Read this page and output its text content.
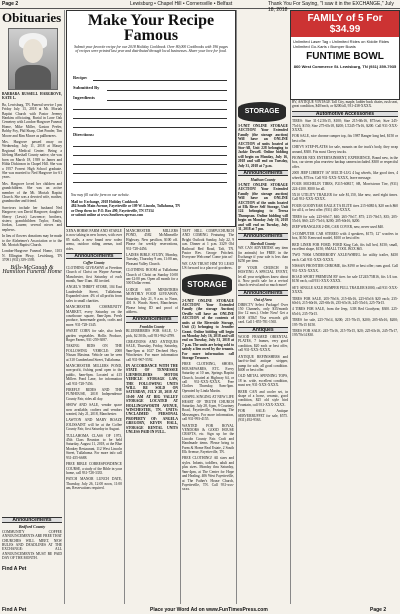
Page 2	Lewisburg • Chapel Hill • Cornersville • Belfast	Thank You For Saying, "I saw it in the EXCHANGE," July 18, 2018
Obituaries

BARBARA RUSSELL HARGROVE, KATE L.

Bo, Lewisburg, TN. Funeral service 1 pm Friday July 13, 2018 at Mt. Moriah Baptist Church with Pastor Jeremy Hankins officiating. Burial in Lone Oak Cemetery with London-Hargrove Funeral Home, Mike Miller, Gaston Peeler, Bobby Foy, Phil Sharp, Chet Ponder, Tim Moore and Rim Moore as pallbearers.

Mrs. Hargrove passed away on Wednesday, July 11, 2018 at Maury Regional Medical Center. Being a lifelong Marshall County native, she was born on March 18, 1939 to James and Hilda Dickinson in Chapel Hill. She was a 1957 Forrest High School graduate. She was married to Ned Hargrove for 61 years.

Mrs. Hargrove loved her children and grandchildren. She was an active member of the Mt. Moriah Baptist Church. She was a devoted wife, mother, grandmother and friend.

Survivors include her husband Ned Hargrove; son David Hargrove; daughter Sherry (Lewis) Lawrence; brothers, sisters; grandchildren Taylor, Emily, Jordan, Lauren; several nieces and nephews.

In lieu of flowers donations may be made to the Alzheimer's Association or to the Mt. Moriah Baptist Church.

London-Hargrove Funeral Home, 1103 N. Ellington Pkwy, Lewisburg, TN 37091 (931) 359-1595.

Bills-McGaugh & Hamilton Funeral Home
Announcements
Bedford County

COMMUNITY COFFEE ANNOUNCEMENTS ARE FREE THAT CHURCHES WILL MEET, NEW RULES AND DEADLINES AT THE EXCHANGE: ALL ANNOUNCEMENTS MUST BE PAID DAY OF THE MONTH.

Find A Pet
Make Your Recipe Famous
Submit your favorite recipe for our 2018 Holiday Cookbook. Over 80,000 Cookbooks with 196 pages of recipes were printed last year and distributed through local businesses. Share your love for food.
Recipe:
Submitted By
Ingredients
Directions:
You may fill out the form on our website.
Mail to: Exchange, 2018 Holiday Cookbook
484 South Main Avenue, Fayetteville or 109 W. Lincoln, Tullahoma, TN
or Drop them to: P.O. Box 490, Fayetteville, TN 37334
or submit online at www.Southern.xpresso.com

XENA HORSE FARM AND STABLE is now taking in new horses, with over 85 stalls, a new brand new rodeo arena, outdoor riding arenas, trail rides.

Announcements
Coffee County

CLOTHING GIVEAWAY at Freedom Church of Christ on Wayne Avenue, Manchester, first Saturday of each month, 9am-11am. All invited.

ANGEL'S THRIFT STORE, 104 East Lauderdale Street, Tullahoma. Expanded store. 4% of all profits from sales to small charities.

MANCHESTER COMMUNITY MARKET, every Saturday on the courthouse square, 8am-2pm. Fresh produce, homemade goods, crafts and more. 931-728-1345.

SWEET CORN for sale, also fresh garden vegetables. Hollis Produce, Roger Farms, 931-259-3087.

TAKING BIDS ON THE FOLLOWING VEHICLE: 2000 Nissan Maxima. Vehicle can be seen at 310 Cumberland Street, Tullahoma.

MANCHESTER MILLERS POND, non-profit, fishing pond open to the public, 6am-6pm. Located at 415 Millers Pond Lane, for information call 931-728-7456.

FIREFLY RIDES AND THE FUNHOUSE, 2018 Independence County Fair, rides all day.

SHOW AND SALE, vendor space now available, crafters and vendors wanted, July 21, 2018, Manchester.

LAWTON AND MARY BOAZE JOLISSAINT will be at the Coffee County Fair, first Saturday in August.

TULLAHOMA CLASS OF 1973, 45th Class Reunion to be held Saturday, August 11, 2018, at the Blue Monkey Restaurant, 112 West Lincoln Street, Tullahoma. For more info call 931-455-6688.

FREE BIBLE CORRESPONDENCE COURSE, a study of the Bible in your home, call 931-728-3335.

PATCH MANOR LUNCH DATE, Thursday, July 26, 12:00 noon, 11:00 am, Reservations required.

MANCHESTER MILLERS POND, 4582 McMinnville Highway. New pavilion, $100 off. Please for weekly reservations, 931-728-4456.

LADIES BIBLE STUDY, Monday, Tuesday, Thursday 9 am, 11:00 am, Pleasant Valley Church.

CLOTHING ROOM at Tullahoma Church of Christ on Sunday 10:00 am-12:00 pm. Open all month for a 500 Dollar event.

LODGE 605 MINISTRIES MONTHLY FOOD GIVEAWAY, Saturday, July 21, 9 a.m. to Noon, 401 S. Woods Street, Manchester. Please bring ID and proof of address.

Announcements
Franklin County

BLUEBERRIES FOR SALE, U-pick, $2.50/lb, call 931-962-4789.

CREATIONS AND ANTIQUES SALE, Thursday, Friday, Saturday, 9am-5pm at 1027 Decherd Hwy. Winchester. For more information call 931-967-5592.

IN ACCORDANCE WITH THE STATE OF TENNESSEE LIENHOLDERS MOTOR VEHICLE STORAGE LAW, THE FOLLOWING UNITS WILL BE SOLD ON SATURDAY, JULY 28, 2018 AT 10:00 AM AT BIG VALLEY STORAGE LOCATED AT HOLLINGSWORTH AVENUE, WINCHESTER, TN. UNITS: UNCLAIMED PERSONAL PROPERTY OF: ANGELA GREGORY, KEVIN HALL, STORAGE RENTAL UNITS UNLESS PAID IN FULL.

TAFT HILL COMPUCHURCH AND COMING Featuring The Bright Outlook Sunday, July 22, 9 a.m. Dinner at 1 p.m. 3329 Old Railroad Bed Road, Taft, TN. Pastor Rev. George Pritchett. Everyone Welcome! Come join us!

WE CAN TRUST HIM TO LEAD US forward to a place of goodness.

STORAGE

2-UNIT ONLINE STORAGE AUCTION! Your Extended Family (the storage Auction) Orville will have an ONLINE AUCTION of the contents of units at the Riverside Storage, Unit (2) belonging to Jennifer Grant. Online bidding will begin on Monday July 16, 2018 and will end on Tuesday, July 31, 2018 at 7 p.m. The units are being sold to satisfy a lien owed by the tenants. For more information call Storage Treasure.

FREE CLOTHING, SHOES, HOUSEWARES, ETC. Every Saturday at 10 am, Springs Baptist Church, located at Highway 64, or call 931-XXX-XXXX. Free Clothes Thursday, 8am-3pm. Operated by Linda Martin.

GOSPEL SINGING AT NEW LIFE HEART OF TRUTH CHURCH Saturday, July 28, 6 pm, 9 Courtney Road, Fayetteville, Featuring The Messengers. For more information, call 931-993-4155.

WANTED FOR ROYAL VENDORS & GOOD HOUSE CRAFTS, etc. Sign up for the Lincoln County Fair. Craft and Handmade items. Please bring to Farm & Home Real Estate, 2 South Elk Avenue, Fayetteville, TN.

FREE CLOTHING! All sizes and styles. Infants, toddlers, adult and plus sizes. Monday thru Saturday, 9am-4pm, at The Center for Hope and Healing. 406 West Fayetteville, at The Father's House Church, Fayetteville, TN. Call 931-xxx-xxxx.

FAMILY of 5 For $34.99
Unlimited Laser Tag • Unlimited Rides on Kiddie Rides
Unlimited Go-Karts • Bumper Boats
FUNTIME BOWL
860 West Commerce St. Lewisburg, TN (931) 359-7935
STORAGE

3-UNIT ONLINE STORAGE AUCTION! Your Extended Family (the storage auction) Will have an ONLINE AUCTION of units located at Stor-All, Unit 228 belonging to Jackie Dowell. Online bidding will begin on Monday, July 16, 2018 and will end on Tuesday, July 31, 2018 at 7 p.m.

Announcements
Madison County

3-UNIT ONLINE STORAGE AUCTION! Your Extended Family (the storage auction) Will have an ONLINE AUCTION of the units located at Elk River Self Storage, Unit 124 belonging to Teresa Thompson. Online bidding will begin on Monday July 16, 2018 and will end on Tuesday, July 31, 2018 at 7 pm.

Announcements
Marshall County

WE CAN ADVERTISE any item (in animals) for FREE in the Exchange if your sale is less than $250 per item.

IF YOUR CHURCH IS HOSTING A SPECIAL EVENT, let all your neighbors know about it. Now profit sale for a revival church revival and so much more!

Announcements
Out of Area

DIRECTV Select Package! Over 150 Channels, only $35/month (for 12 mos.). Order Now! Get a $100 AT&T Visa rewards gift card. Call 1-855-781-1565.

Antiques

WOOD FRAMED ORIENTAL PLATES, 7 frames, very good condition, $20 each or best offer, call 931-XXX-XXXX.

ANTIQUE REFINISHERS and hard-to-find antique stripper, pump for sale, all good condition. $400 or best offer.

OLD METAL SPINNING TOPS, 18 in. wide, excellent condition, must see, 931-XXX-XXXX.

BEER CAN and cooler set, in shape of a horse, ceramic, good condition, $25 old style bird Fountain, call 931-XXX-XXXX.

FOR SALE: Antique SERVERBUFFET for sale, $575. (931) 492-9563.

RV, ANTIQUE VINTAGE Tall City, maple, ladder back chairs, rush seat, great condition, $40/each, or $200/all, 931-438-XXXX.

Automotive Accessories

TIRES: Size 31-12.50r15, $100; Size 215-60r16, $75/set; Size 245-75r16, $150; Size 275-65r18, $200; LT245-75r16, $200. Call 931-XXX-XXXX.

FOR SALE, nice chrome camper top, fits 1987 Ranger long bed, $150 or best offer.

CHEVY STEP-PLATES for sale, mounts on the truck's body, they wrap around, $300. Fits most Chevy trucks.

PIONEER NEX ENTERTAINMENT, EXPERIENCE, Brand new, in the box, car stereo plus rearview backup camera included. $300 or respectful offer.

2005 JEEP LIBERTY 16" MULTI-LUG 4 lug wheels, like good tires, 4 wheels, $75/ea. Call 931-XXX-XXXX, leave message.

FOUR MICHELIN TIRES, P215-60R17, SB, Morristown Tire, (931) 224-4100. $500 for all.

5X10 UTILITY TRAILER for sale $1,150, like new, used eight times. Call 931-XXX-XXXX.

FOUR GOODYEAR EAGLE TA ELITE tires 215-60R16, $20 each $60 for all 4, or best offer. (931) 410-XXXX.

TIRES for sale, 225-60r17, $40; 265-70r17, $75; 215-70r15, $35; 205-55r16, $60; 225-75r16, $200; 205-60r16, $200.

JEEP WRANGLER 2-DR, CAR COVER, new, never used $40.

3-COMPUTER CAR STEREO with 4 speakers, $175; 12" woofers in box, $150. Kenwood model, $100 or best offer.

BED LINER FOR FORD, FORD King Cab, fits full bed, $150; small, excellent shape, $150; SMALL TOOL BOX $65.

TWO 7000# UNDERBODY AXLE/WHEEL for utility trailer, $450 each. Call 931-XXX-XXXX.

NISSAN FRONTIER CHROME, fits $190 or best offer; runs good. Call 931-XXX-XXXX.

ROAD SPORT PREMIUM RV tires for sale LT245/75R16, fits 1/4 ton. $150 each, call 931-XXX-XXXX.

SET: SINGLE AXLE BUMPER PULL TRAILER $1000, call 931-XXX-XXXX.

TIRES FOR SALE, 205-70r16, 215-65r16, 225-65r16 $20 each; 235-60r16, 215-60r16, 225-60r16, 235-65r16, 245-55r16, 225-70r15.

4 TIRES FOR SALE, from the Jeep, 3.5R Red Goodyear, $300. 225-65r16, 235-70r15.

TIRES for sale, 225-70r14, $200; 215-70r15, $200; 205-65r16, $200; 195-70r15 $150.

TIRES FOR SALE: 245-75r16, 215-70r15, $20; 225-65r16, 245-75r17, 195/70r14 $30.

Find A Pet	Place your Word Ad on www.FunTimesPress.com	Page 2
